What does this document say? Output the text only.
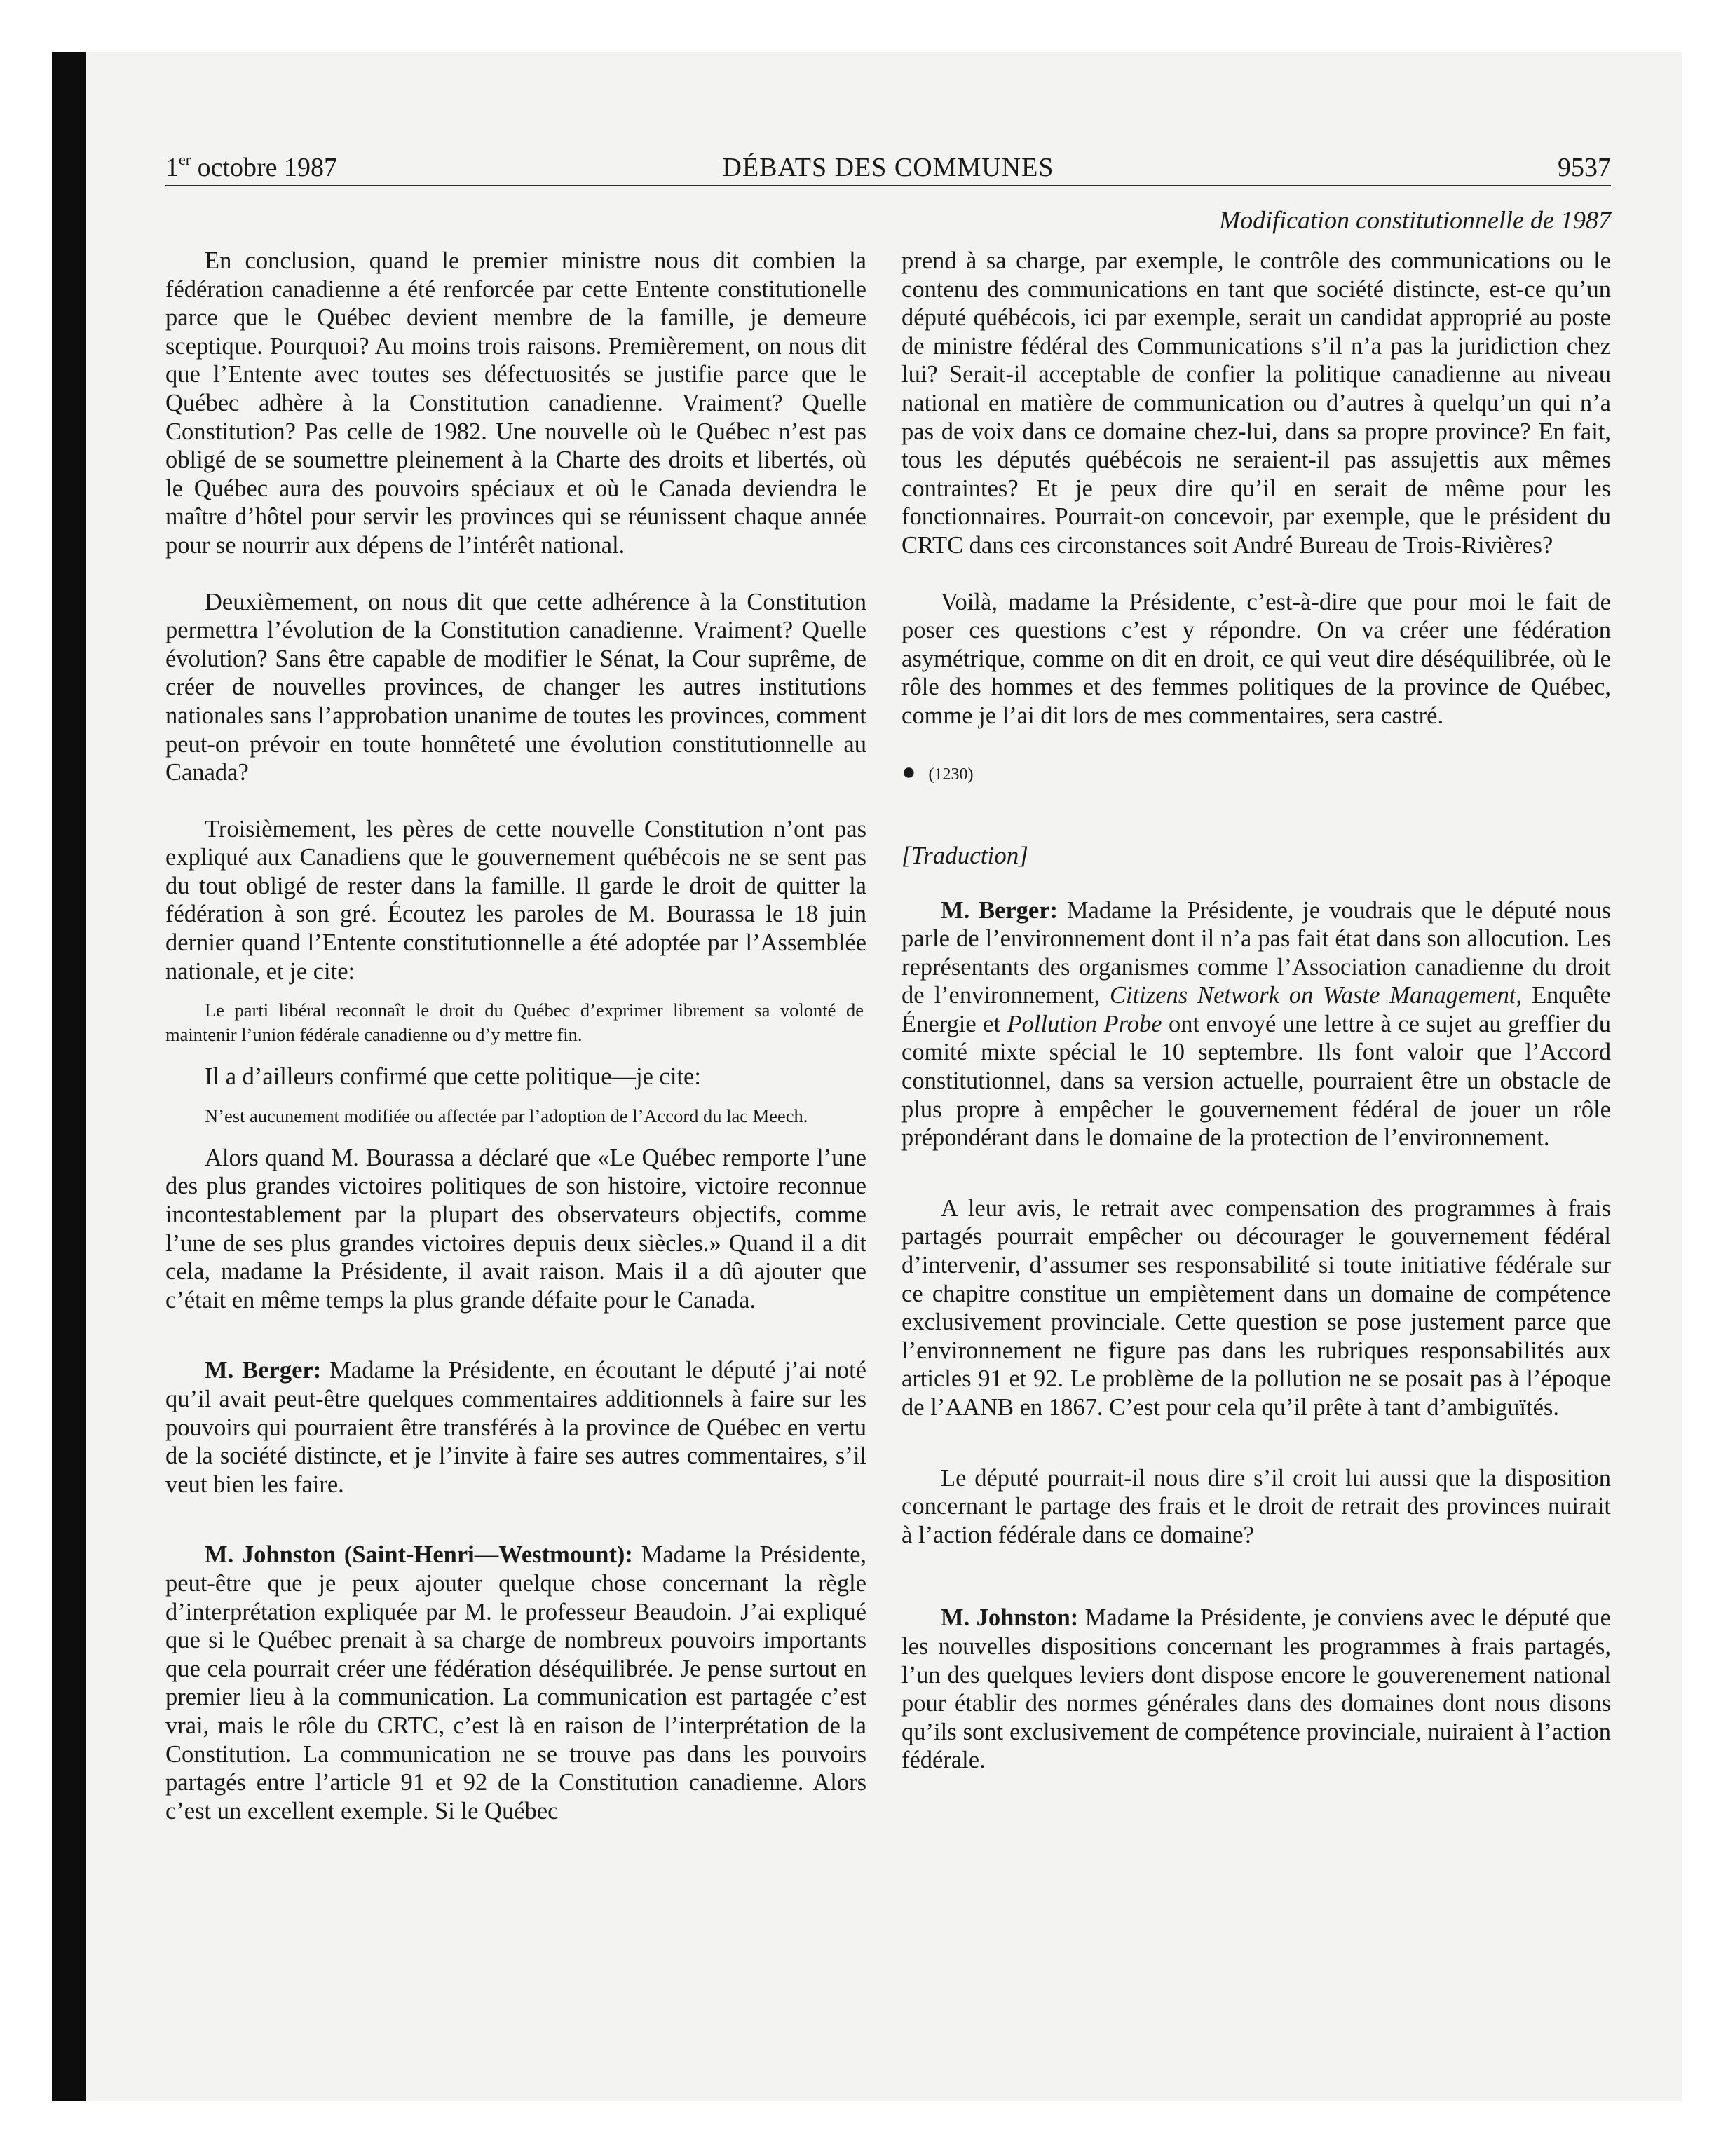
1er octobre 1987	DÉBATS DES COMMUNES	9537
Modification constitutionnelle de 1987

En conclusion, quand le premier ministre nous dit combien la fédération canadienne a été renforcée par cette Entente constitutionelle parce que le Québec devient membre de la famille, je demeure sceptique. Pourquoi? Au moins trois raisons. Premièrement, on nous dit que l’Entente avec toutes ses défectuosités se justifie parce que le Québec adhère à la Constitution canadienne. Vraiment? Quelle Constitution? Pas celle de 1982. Une nouvelle où le Québec n’est pas obligé de se soumettre pleinement à la Charte des droits et libertés, où le Québec aura des pouvoirs spéciaux et où le Canada deviendra le maître d’hôtel pour servir les provinces qui se réunissent chaque année pour se nourrir aux dépens de l’intérêt national.

Deuxièmement, on nous dit que cette adhérence à la Constitution permettra l’évolution de la Constitution canadienne. Vraiment? Quelle évolution? Sans être capable de modifier le Sénat, la Cour suprême, de créer de nouvelles provinces, de changer les autres institutions nationales sans l’approbation unanime de toutes les provinces, comment peut-on prévoir en toute honnêteté une évolution constitutionnelle au Canada?

Troisièmement, les pères de cette nouvelle Constitution n’ont pas expliqué aux Canadiens que le gouvernement québécois ne se sent pas du tout obligé de rester dans la famille. Il garde le droit de quitter la fédération à son gré. Écoutez les paroles de M. Bourassa le 18 juin dernier quand l’Entente constitutionnelle a été adoptée par l’Assemblée nationale, et je cite:

Le parti libéral reconnaît le droit du Québec d’exprimer librement sa volonté de maintenir l’union fédérale canadienne ou d’y mettre fin.

Il a d’ailleurs confirmé que cette politique—je cite:

N’est aucunement modifiée ou affectée par l’adoption de l’Accord du lac Meech.

Alors quand M. Bourassa a déclaré que «Le Québec remporte l’une des plus grandes victoires politiques de son histoire, victoire reconnue incontestablement par la plupart des observateurs objectifs, comme l’une de ses plus grandes victoires depuis deux siècles.» Quand il a dit cela, madame la Présidente, il avait raison. Mais il a dû ajouter que c’était en même temps la plus grande défaite pour le Canada.

M. Berger: Madame la Présidente, en écoutant le député j’ai noté qu’il avait peut-être quelques commentaires additionnels à faire sur les pouvoirs qui pourraient être transférés à la province de Québec en vertu de la société distincte, et je l’invite à faire ses autres commentaires, s’il veut bien les faire.

M. Johnston (Saint-Henri—Westmount): Madame la Présidente, peut-être que je peux ajouter quelque chose concernant la règle d’interprétation expliquée par M. le professeur Beaudoin. J’ai expliqué que si le Québec prenait à sa charge de nombreux pouvoirs importants que cela pourrait créer une fédération déséquilibrée. Je pense surtout en premier lieu à la communication. La communication est partagée c’est vrai, mais le rôle du CRTC, c’est là en raison de l’interprétation de la Constitution. La communication ne se trouve pas dans les pouvoirs partagés entre l’article 91 et 92 de la Constitution canadienne. Alors c’est un excellent exemple. Si le Québec

prend à sa charge, par exemple, le contrôle des communications ou le contenu des communications en tant que société distincte, est-ce qu’un député québécois, ici par exemple, serait un candidat approprié au poste de ministre fédéral des Communications s’il n’a pas la juridiction chez lui? Serait-il acceptable de confier la politique canadienne au niveau national en matière de communication ou d’autres à quelqu’un qui n’a pas de voix dans ce domaine chez-lui, dans sa propre province? En fait, tous les députés québécois ne seraient-il pas assujettis aux mêmes contraintes? Et je peux dire qu’il en serait de même pour les fonctionnaires. Pourrait-on concevoir, par exemple, que le président du CRTC dans ces circonstances soit André Bureau de Trois-Rivières?

Voilà, madame la Présidente, c’est-à-dire que pour moi le fait de poser ces questions c’est y répondre. On va créer une fédération asymétrique, comme on dit en droit, ce qui veut dire déséquilibrée, où le rôle des hommes et des femmes politiques de la province de Québec, comme je l’ai dit lors de mes commentaires, sera castré.

● (1230)
[Traduction]

M. Berger: Madame la Présidente, je voudrais que le député nous parle de l’environnement dont il n’a pas fait état dans son allocution. Les représentants des organismes comme l’Association canadienne du droit de l’environnement, Citizens Network on Waste Management, Enquête Énergie et Pollution Probe ont envoyé une lettre à ce sujet au greffier du comité mixte spécial le 10 septembre. Ils font valoir que l’Accord constitutionnel, dans sa version actuelle, pourraient être un obstacle de plus propre à empêcher le gouvernement fédéral de jouer un rôle prépondérant dans le domaine de la protection de l’environnement.

A leur avis, le retrait avec compensation des programmes à frais partagés pourrait empêcher ou décourager le gouvernement fédéral d’intervenir, d’assumer ses responsabilité si toute initiative fédérale sur ce chapitre constitue un empiètement dans un domaine de compétence exclusivement provinciale. Cette question se pose justement parce que l’environnement ne figure pas dans les rubriques responsabilités aux articles 91 et 92. Le problème de la pollution ne se posait pas à l’époque de l’AANB en 1867. C’est pour cela qu’il prête à tant d’ambiguïtés.

Le député pourrait-il nous dire s’il croit lui aussi que la disposition concernant le partage des frais et le droit de retrait des provinces nuirait à l’action fédérale dans ce domaine?

M. Johnston: Madame la Présidente, je conviens avec le député que les nouvelles dispositions concernant les programmes à frais partagés, l’un des quelques leviers dont dispose encore le gouverenement national pour établir des normes générales dans des domaines dont nous disons qu’ils sont exclusivement de compétence provinciale, nuiraient à l’action fédérale.
